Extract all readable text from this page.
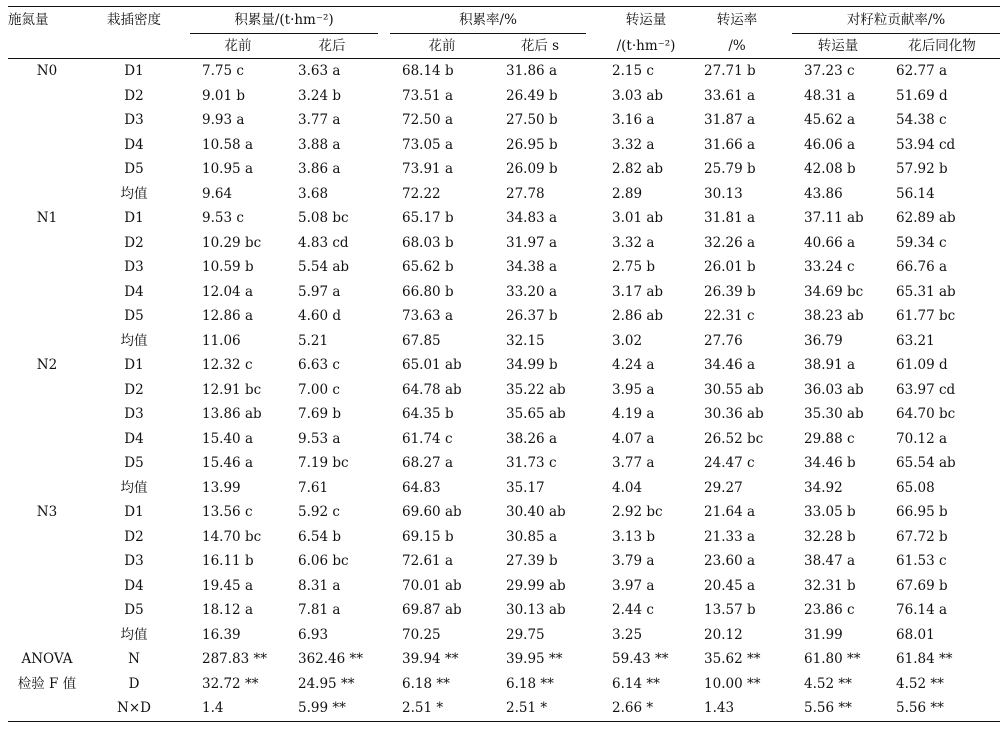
施氮量	栽插密度		积累量/(t·hm⁻²)			积累率/%			转运量	转运率		对籽粒贡献率/%	
			花前	花后		花前	花后 s		/(t·hm⁻²)	/%		转运量	花后同化物
N0	D1		7.75 c	3.63 a		68.14 b	31.86 a		2.15 c	27.71 b		37.23 c	62.77 a
	D2		9.01 b	3.24 b		73.51 a	26.49 b		3.03 ab	33.61 a		48.31 a	51.69 d
	D3		9.93 a	3.77 a		72.50 a	27.50 b		3.16 a	31.87 a		45.62 a	54.38 c
	D4		10.58 a	3.88 a		73.05 a	26.95 b		3.32 a	31.66 a		46.06 a	53.94 cd
	D5		10.95 a	3.86 a		73.91 a	26.09 b		2.82 ab	25.79 b		42.08 b	57.92 b
	均值		9.64	3.68		72.22	27.78		2.89	30.13		43.86	56.14
N1	D1		9.53 c	5.08 bc		65.17 b	34.83 a		3.01 ab	31.81 a		37.11 ab	62.89 ab
	D2		10.29 bc	4.83 cd		68.03 b	31.97 a		3.32 a	32.26 a		40.66 a	59.34 c
	D3		10.59 b	5.54 ab		65.62 b	34.38 a		2.75 b	26.01 b		33.24 c	66.76 a
	D4		12.04 a	5.97 a		66.80 b	33.20 a		3.17 ab	26.39 b		34.69 bc	65.31 ab
	D5		12.86 a	4.60 d		73.63 a	26.37 b		2.86 ab	22.31 c		38.23 ab	61.77 bc
	均值		11.06	5.21		67.85	32.15		3.02	27.76		36.79	63.21
N2	D1		12.32 c	6.63 c		65.01 ab	34.99 b		4.24 a	34.46 a		38.91 a	61.09 d
	D2		12.91 bc	7.00 c		64.78 ab	35.22 ab		3.95 a	30.55 ab		36.03 ab	63.97 cd
	D3		13.86 ab	7.69 b		64.35 b	35.65 ab		4.19 a	30.36 ab		35.30 ab	64.70 bc
	D4		15.40 a	9.53 a		61.74 c	38.26 a		4.07 a	26.52 bc		29.88 c	70.12 a
	D5		15.46 a	7.19 bc		68.27 a	31.73 c		3.77 a	24.47 c		34.46 b	65.54 ab
	均值		13.99	7.61		64.83	35.17		4.04	29.27		34.92	65.08
N3	D1		13.56 c	5.92 c		69.60 ab	30.40 ab		2.92 bc	21.64 a		33.05 b	66.95 b
	D2		14.70 bc	6.54 b		69.15 b	30.85 a		3.13 b	21.33 a		32.28 b	67.72 b
	D3		16.11 b	6.06 bc		72.61 a	27.39 b		3.79 a	23.60 a		38.47 a	61.53 c
	D4		19.45 a	8.31 a		70.01 ab	29.99 ab		3.97 a	20.45 a		32.31 b	67.69 b
	D5		18.12 a	7.81 a		69.87 ab	30.13 ab		2.44 c	13.57 b		23.86 c	76.14 a
	均值		16.39	6.93		70.25	29.75		3.25	20.12		31.99	68.01
ANOVA	N		287.83 **	362.46 **		39.94 **	39.95 **		59.43 **	35.62 **		61.80 **	61.84 **
检验 F 值	D		32.72 **	24.95 **		6.18 **	6.18 **		6.14 **	10.00 **		4.52 **	4.52 **
	N×D		1.4	5.99 **		2.51 *	2.51 *		2.66 *	1.43		5.56 **	5.56 **
